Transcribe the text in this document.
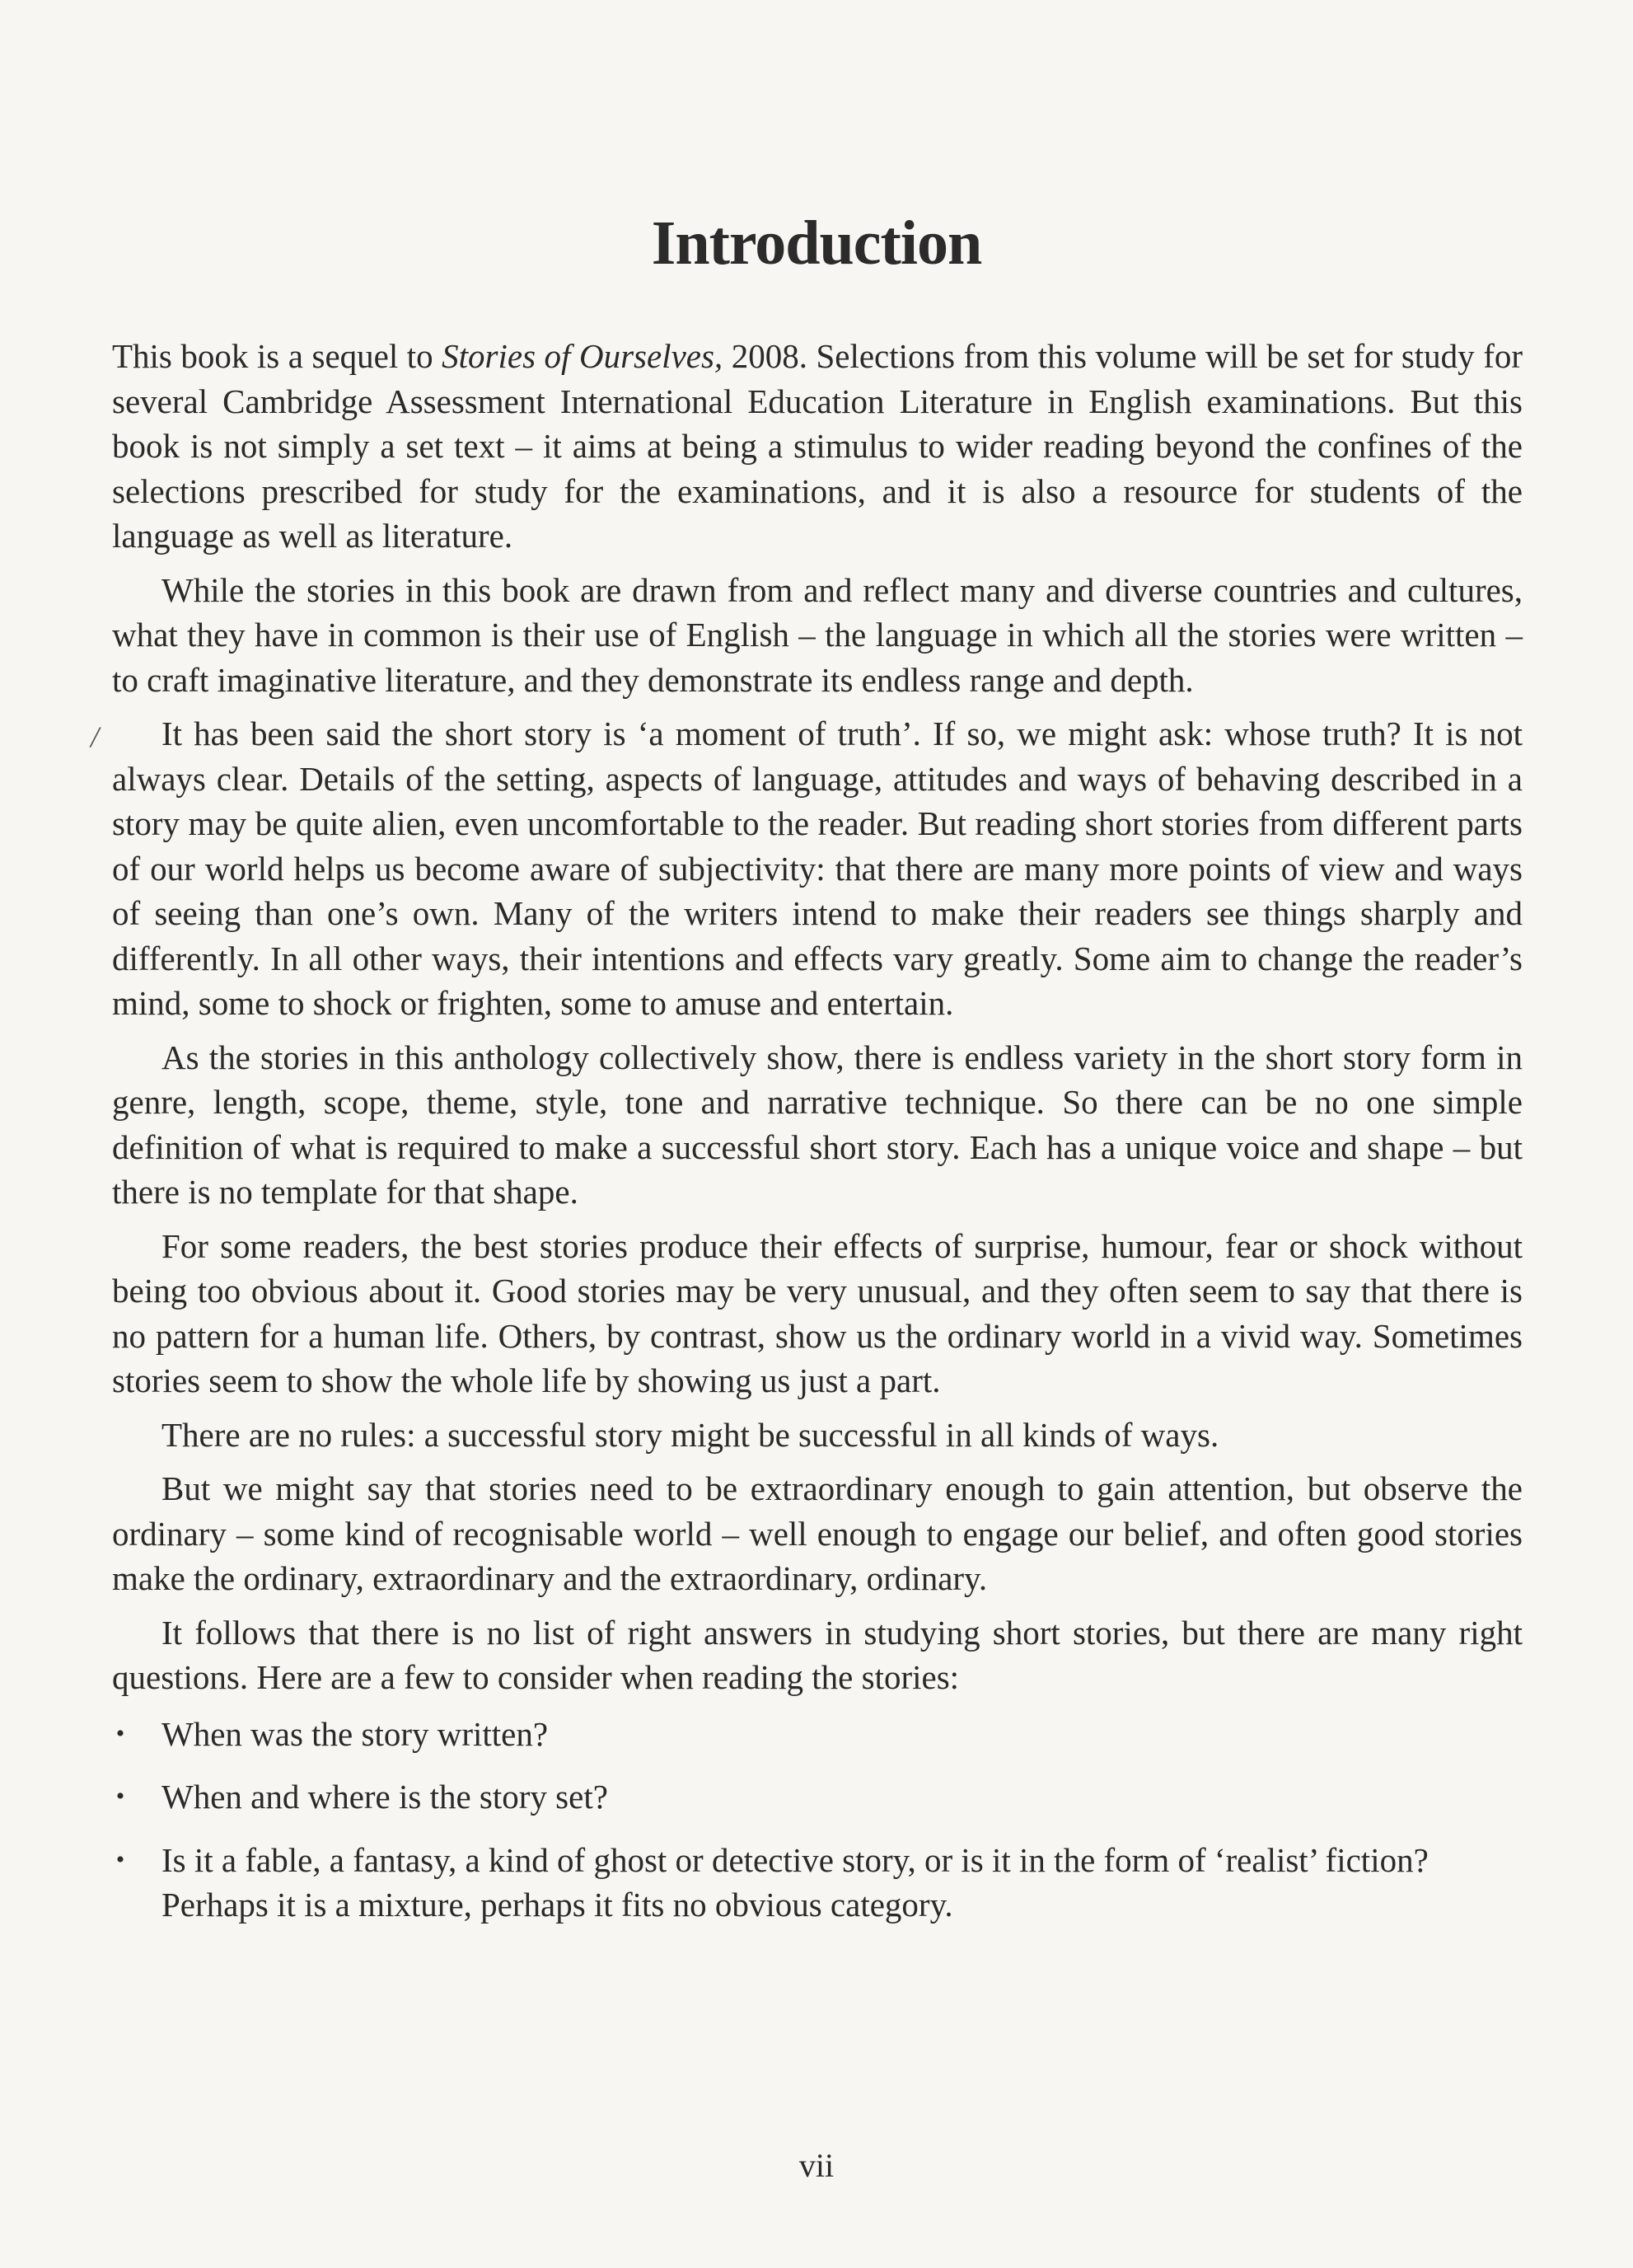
Introduction

This book is a sequel to Stories of Ourselves, 2008. Selections from this volume will be set for study for several Cambridge Assessment International Education Literature in English examinations. But this book is not simply a set text – it aims at being a stimulus to wider reading beyond the confines of the selections prescribed for study for the examinations, and it is also a resource for students of the language as well as literature.

While the stories in this book are drawn from and reflect many and diverse countries and cultures, what they have in common is their use of English – the language in which all the stories were written – to craft imaginative literature, and they demonstrate its endless range and depth.

/	It has been said the short story is ‘a moment of truth’. If so, we might ask: whose truth? It is not always clear. Details of the setting, aspects of language, attitudes and ways of behaving described in a story may be quite alien, even uncomfortable to the reader. But reading short stories from different parts of our world helps us become aware of subjectivity: that there are many more points of view and ways of seeing than one’s own. Many of the writers intend to make their readers see things sharply and differently. In all other ways, their intentions and effects vary greatly. Some aim to change the reader’s mind, some to shock or frighten, some to amuse and entertain.

As the stories in this anthology collectively show, there is endless variety in the short story form in genre, length, scope, theme, style, tone and narrative technique. So there can be no one simple definition of what is required to make a successful short story. Each has a unique voice and shape – but there is no template for that shape.

For some readers, the best stories produce their effects of surprise, humour, fear or shock without being too obvious about it. Good stories may be very unusual, and they often seem to say that there is no pattern for a human life. Others, by contrast, show us the ordinary world in a vivid way. Sometimes stories seem to show the whole life by showing us just a part.

There are no rules: a successful story might be successful in all kinds of ways.

But we might say that stories need to be extraordinary enough to gain attention, but observe the ordinary – some kind of recognisable world – well enough to engage our belief, and often good stories make the ordinary, extraordinary and the extraordinary, ordinary.

It follows that there is no list of right answers in studying short stories, but there are many right questions. Here are a few to consider when reading the stories:

• When was the story written?
• When and where is the story set?
• Is it a fable, a fantasy, a kind of ghost or detective story, or is it in the form of ‘realist’ fiction? Perhaps it is a mixture, perhaps it fits no obvious category.

vii
